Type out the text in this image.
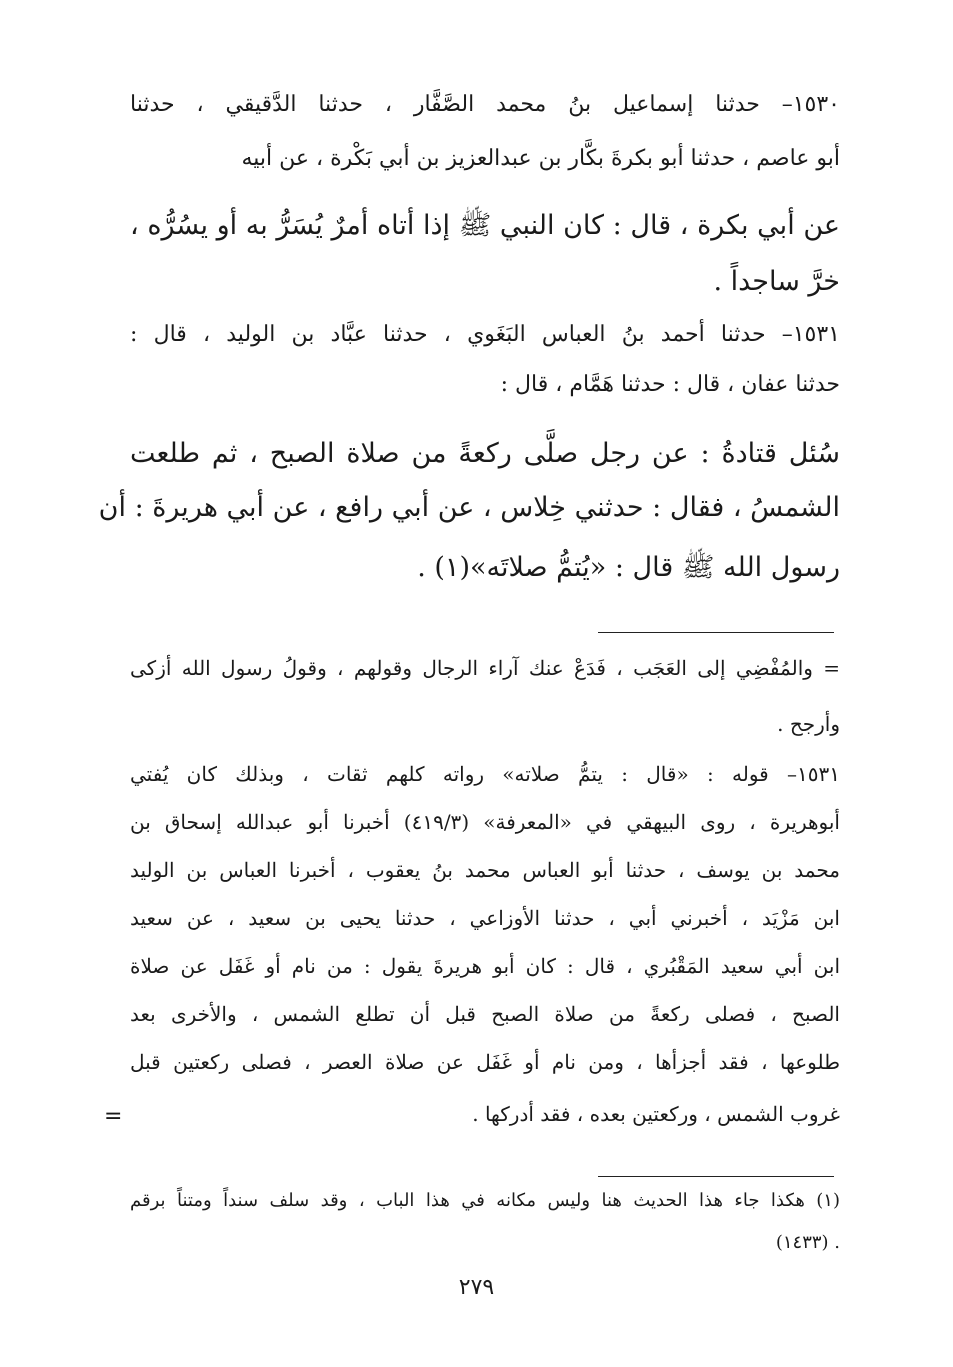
١٥٣٠– حدثنا إسماعيل بنُ محمد الصَّفَّار ، حدثنا الدَّقيقي ، حدثنا

أبو عاصم ، حدثنا أبو بكرةَ بكَّار بن عبدالعزيز بن أبي بَكْرة ، عن أبيه

عن أبي بكرة ، قال : كان النبي ﷺ إذا أتاه أمرٌ يُسَرُّ به أو يسُرُّه ،

خرَّ ساجداً .

١٥٣١– حدثنا أحمد بنُ العباس البَغَوي ، حدثنا عبَّاد بن الوليد ، قال :

حدثنا عفان ، قال : حدثنا هَمَّام ، قال :

سُئل قتادةُ : عن رجل صلَّى ركعةً من صلاة الصبح ، ثم طلعت

الشمسُ ، فقال : حدثني خِلاس ، عن أبي رافع ، عن أبي هريرةَ : أن

رسول الله ﷺ قال : «يُتمُّ صلاتَه»(١) .

= والمُفْضِي إلى العَجَب ، فَدَعْ عنك آراء الرجال وقولهم ، وقولُ رسول الله أزكى

وأرجح .

١٥٣١– قوله : «قال : يتمُّ صلاته» رواته كلهم ثقات ، وبذلك كان يُفتي

أبوهريرة ، روى البيهقي في «المعرفة» (٤١٩/٣) أخبرنا أبو عبدالله إسحاق بن

محمد بن يوسف ، حدثنا أبو العباس محمد بنُ يعقوب ، أخبرنا العباس بن الوليد

ابن مَزْيَد ، أخبرني أبي ، حدثنا الأوزاعي ، حدثنا يحيى بن سعيد ، عن سعيد

ابن أبي سعيد المَقْبُري ، قال : كان أبو هريرةَ يقول : من نام أو غَفَل عن صلاة

الصبح ، فصلى ركعةً من صلاة الصبح قبل أن تطلع الشمس ، والأخرى بعد

طلوعها ، فقد أجزأها ، ومن نام أو غَفَل عن صلاة العصر ، فصلى ركعتين قبل

غروب الشمس ، وركعتين بعده ، فقد أدركها .

=

(١) هكذا جاء هذا الحديث هنا وليس مكانه في هذا الباب ، وقد سلف سنداً ومتناً برقم

(١٤٣٣) .

٢٧٩
